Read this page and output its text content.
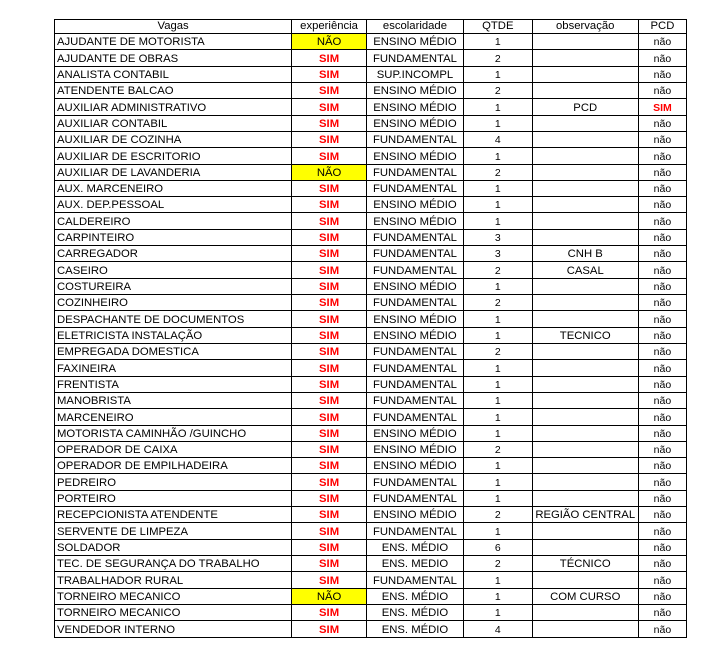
Vagas	experiência	escolaridade	QTDE	observação	PCD
AJUDANTE DE MOTORISTA	NÃO	ENSINO MÉDIO	1		não
AJUDANTE DE OBRAS	SIM	FUNDAMENTAL	2		não
ANALISTA CONTABIL	SIM	SUP.INCOMPL	1		não
ATENDENTE BALCAO	SIM	ENSINO MÉDIO	2		não
AUXILIAR ADMINISTRATIVO	SIM	ENSINO MÉDIO	1	PCD	SIM
AUXILIAR CONTABIL	SIM	ENSINO MÉDIO	1		não
AUXILIAR DE COZINHA	SIM	FUNDAMENTAL	4		não
AUXILIAR DE ESCRITORIO	SIM	ENSINO MÉDIO	1		não
AUXILIAR DE LAVANDERIA	NÃO	FUNDAMENTAL	2		não
AUX. MARCENEIRO	SIM	FUNDAMENTAL	1		não
AUX. DEP.PESSOAL	SIM	ENSINO MÉDIO	1		não
CALDEREIRO	SIM	ENSINO MÉDIO	1		não
CARPINTEIRO	SIM	FUNDAMENTAL	3		não
CARREGADOR	SIM	FUNDAMENTAL	3	CNH B	não
CASEIRO	SIM	FUNDAMENTAL	2	CASAL	não
COSTUREIRA	SIM	ENSINO MÉDIO	1		não
COZINHEIRO	SIM	FUNDAMENTAL	2		não
DESPACHANTE DE DOCUMENTOS	SIM	ENSINO MÉDIO	1		não
ELETRICISTA INSTALAÇÃO	SIM	ENSINO MÉDIO	1	TECNICO	não
EMPREGADA DOMESTICA	SIM	FUNDAMENTAL	2		não
FAXINEIRA	SIM	FUNDAMENTAL	1		não
FRENTISTA	SIM	FUNDAMENTAL	1		não
MANOBRISTA	SIM	FUNDAMENTAL	1		não
MARCENEIRO	SIM	FUNDAMENTAL	1		não
MOTORISTA CAMINHÃO /GUINCHO	SIM	ENSINO MÉDIO	1		não
OPERADOR DE CAIXA	SIM	ENSINO MÉDIO	2		não
OPERADOR DE EMPILHADEIRA	SIM	ENSINO MÉDIO	1		não
PEDREIRO	SIM	FUNDAMENTAL	1		não
PORTEIRO	SIM	FUNDAMENTAL	1		não
RECEPCIONISTA ATENDENTE	SIM	ENSINO MÉDIO	2	REGIÃO CENTRAL	não
SERVENTE DE LIMPEZA	SIM	FUNDAMENTAL	1		não
SOLDADOR	SIM	ENS. MÉDIO	6		não
TEC. DE SEGURANÇA DO TRABALHO	SIM	ENS. MEDIO	2	TÉCNICO	não
TRABALHADOR RURAL	SIM	FUNDAMENTAL	1		não
TORNEIRO MECANICO	NÃO	ENS. MÉDIO	1	COM CURSO	não
TORNEIRO MECANICO	SIM	ENS. MÉDIO	1		não
VENDEDOR INTERNO	SIM	ENS. MÉDIO	4		não
